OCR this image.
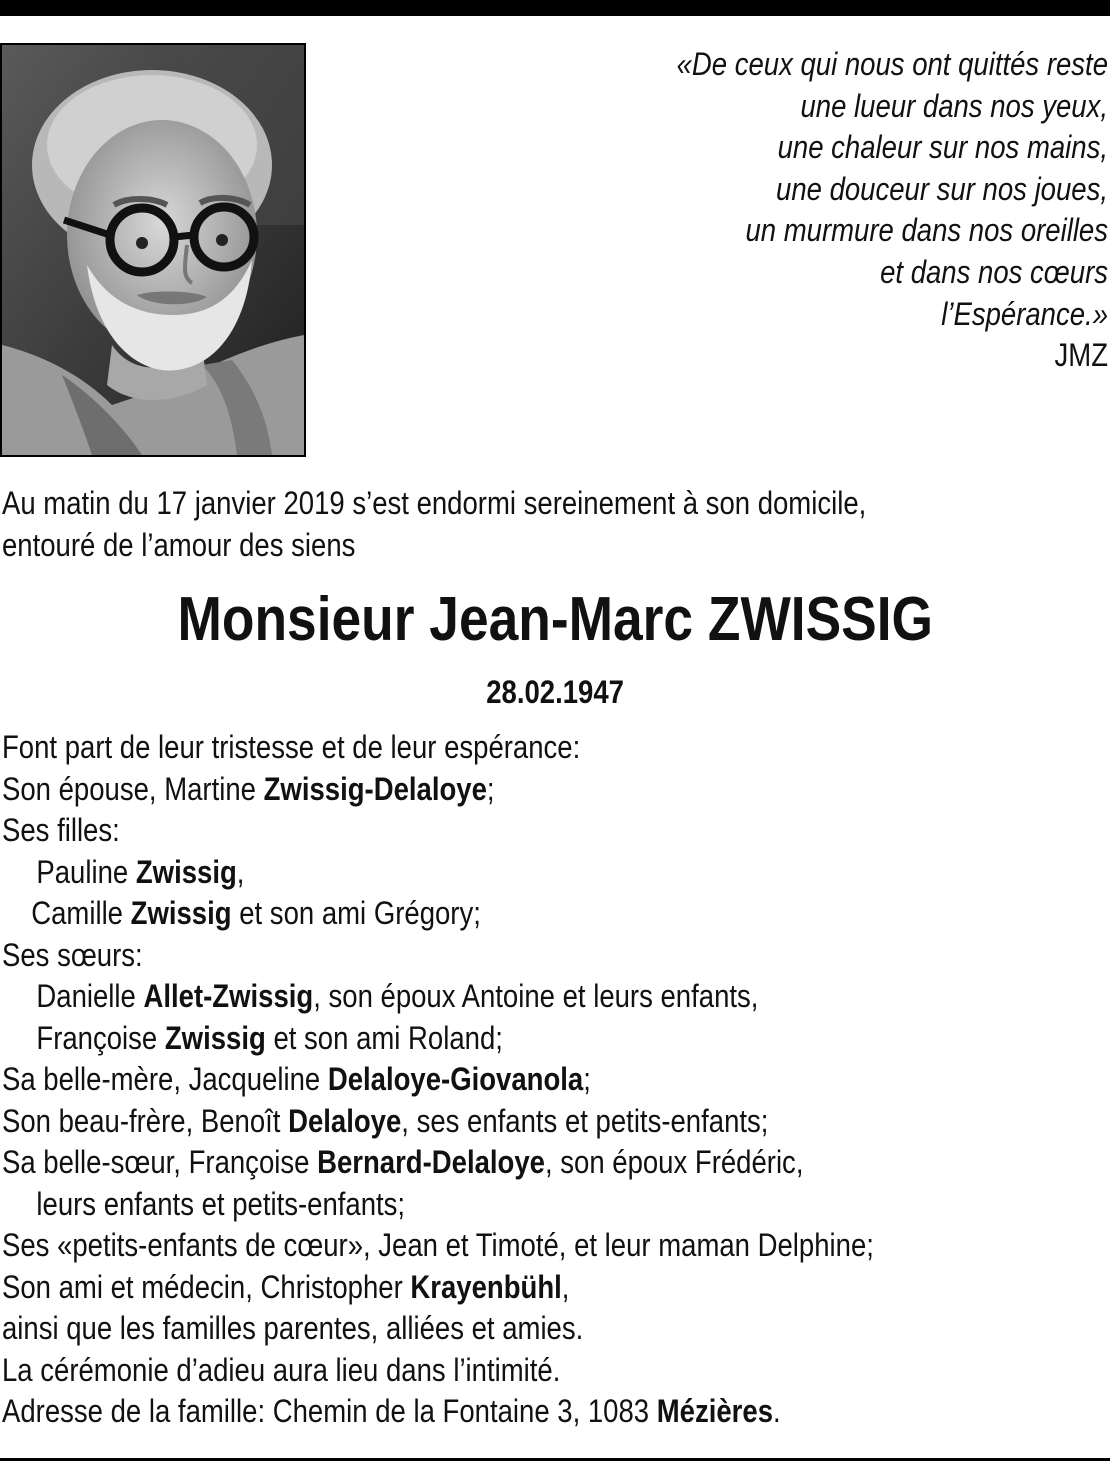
«De ceux qui nous ont quittés reste
une lueur dans nos yeux,
une chaleur sur nos mains,
une douceur sur nos joues,
un murmure dans nos oreilles
et dans nos cœurs
l’Espérance.»
JMZ
Au matin du 17 janvier 2019 s’est endormi sereinement à son domicile,
entouré de l’amour des siens
Monsieur Jean-Marc ZWISSIG
28.02.1947
Font part de leur tristesse et de leur espérance:
Son épouse, Martine Zwissig-Delaloye;
Ses filles:
Pauline Zwissig,
Camille Zwissig et son ami Grégory;
Ses sœurs:
Danielle Allet-Zwissig, son époux Antoine et leurs enfants,
Françoise Zwissig et son ami Roland;
Sa belle-mère, Jacqueline Delaloye-Giovanola;
Son beau-frère, Benoît Delaloye, ses enfants et petits-enfants;
Sa belle-sœur, Françoise Bernard-Delaloye, son époux Frédéric,
leurs enfants et petits-enfants;
Ses «petits-enfants de cœur», Jean et Timoté, et leur maman Delphine;
Son ami et médecin, Christopher Krayenbühl,
ainsi que les familles parentes, alliées et amies.
La cérémonie d’adieu aura lieu dans l’intimité.
Adresse de la famille: Chemin de la Fontaine 3, 1083 Mézières.
